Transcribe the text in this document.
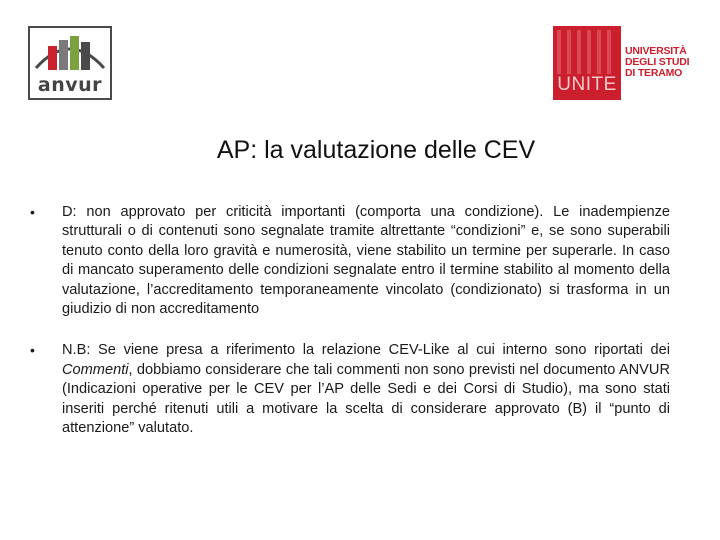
anvur	UNITE
UNIVERSITÀ
DEGLI STUDI
DI TERAMO
AP: la valutazione delle CEV
• D: non approvato per criticità importanti (comporta una condizione). Le inadempienze strutturali o di contenuti sono segnalate tramite altrettante “condizioni” e, se sono superabili tenuto conto della loro gravità e numerosità, viene stabilito un termine per superarle. In caso di mancato superamento delle condizioni segnalate entro il termine stabilito al momento della valutazione, l’accreditamento temporaneamente vincolato (condizionato) si trasforma in un giudizio di non accreditamento
• N.B: Se viene presa a riferimento la relazione CEV-Like al cui interno sono riportati dei Commenti, dobbiamo considerare che tali commenti non sono previsti nel documento ANVUR (Indicazioni operative per le CEV per l’AP delle Sedi e dei Corsi di Studio), ma sono stati inseriti perché ritenuti utili a motivare la scelta di considerare approvato (B) il “punto di attenzione” valutato.
